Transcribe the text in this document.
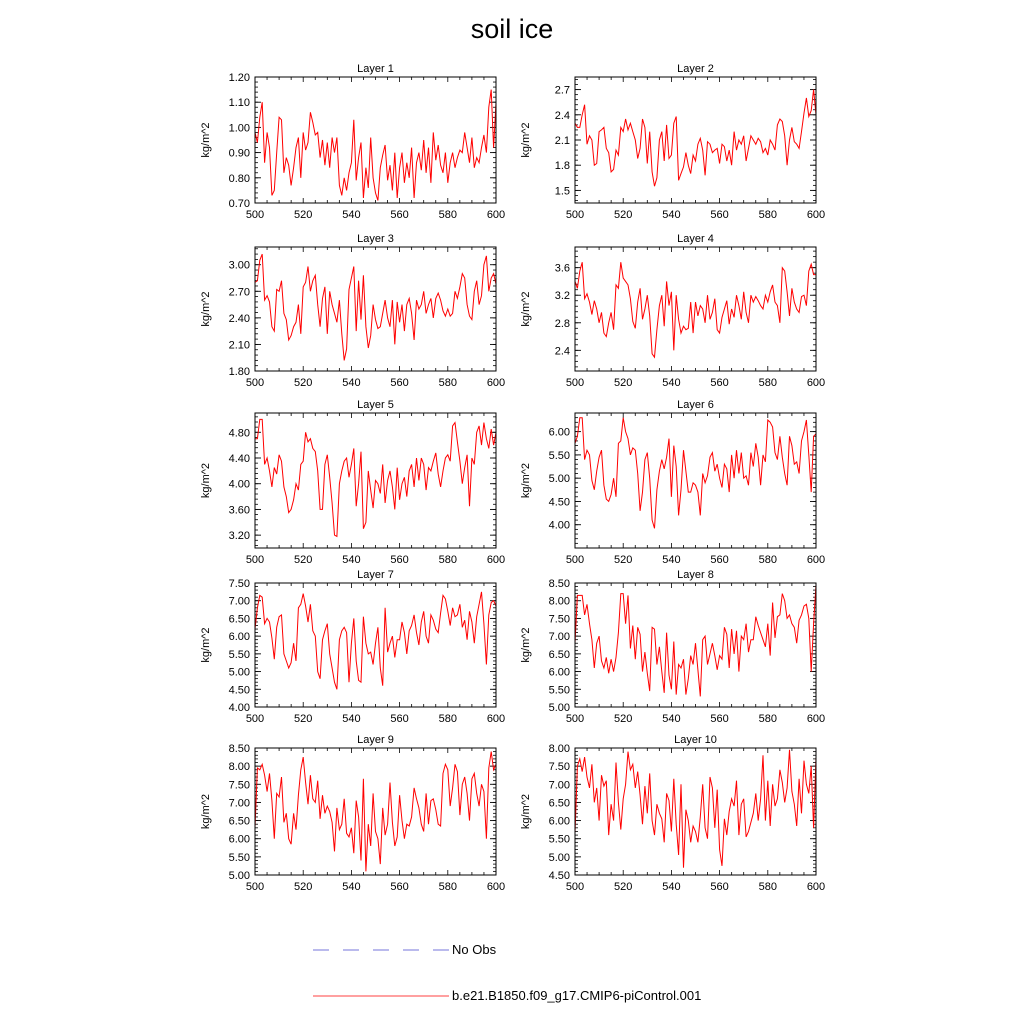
soil ice
Layer 1
kg/m^2
500	520	540	560	580	600
0.70
0.80
0.90
1.00
1.10
1.20
Layer 2
kg/m^2
500	520	540	560	580	600
1.5
1.8
2.1
2.4
2.7
Layer 3
kg/m^2
500	520	540	560	580	600
1.80
2.10
2.40
2.70
3.00
Layer 4
kg/m^2
500	520	540	560	580	600
2.4
2.8
3.2
3.6
Layer 5
kg/m^2
500	520	540	560	580	600
3.20
3.60
4.00
4.40
4.80
Layer 6
kg/m^2
500	520	540	560	580	600
4.00
4.50
5.00
5.50
6.00
Layer 7
kg/m^2
500	520	540	560	580	600
4.00
4.50
5.00
5.50
6.00
6.50
7.00
7.50
Layer 8
kg/m^2
500	520	540	560	580	600
5.00
5.50
6.00
6.50
7.00
7.50
8.00
8.50
Layer 9
kg/m^2
500	520	540	560	580	600
5.00
5.50
6.00
6.50
7.00
7.50
8.00
8.50
Layer 10
kg/m^2
500	520	540	560	580	600
4.50
5.00
5.50
6.00
6.50
7.00
7.50
8.00
No Obs
b.e21.B1850.f09_g17.CMIP6-piControl.001
